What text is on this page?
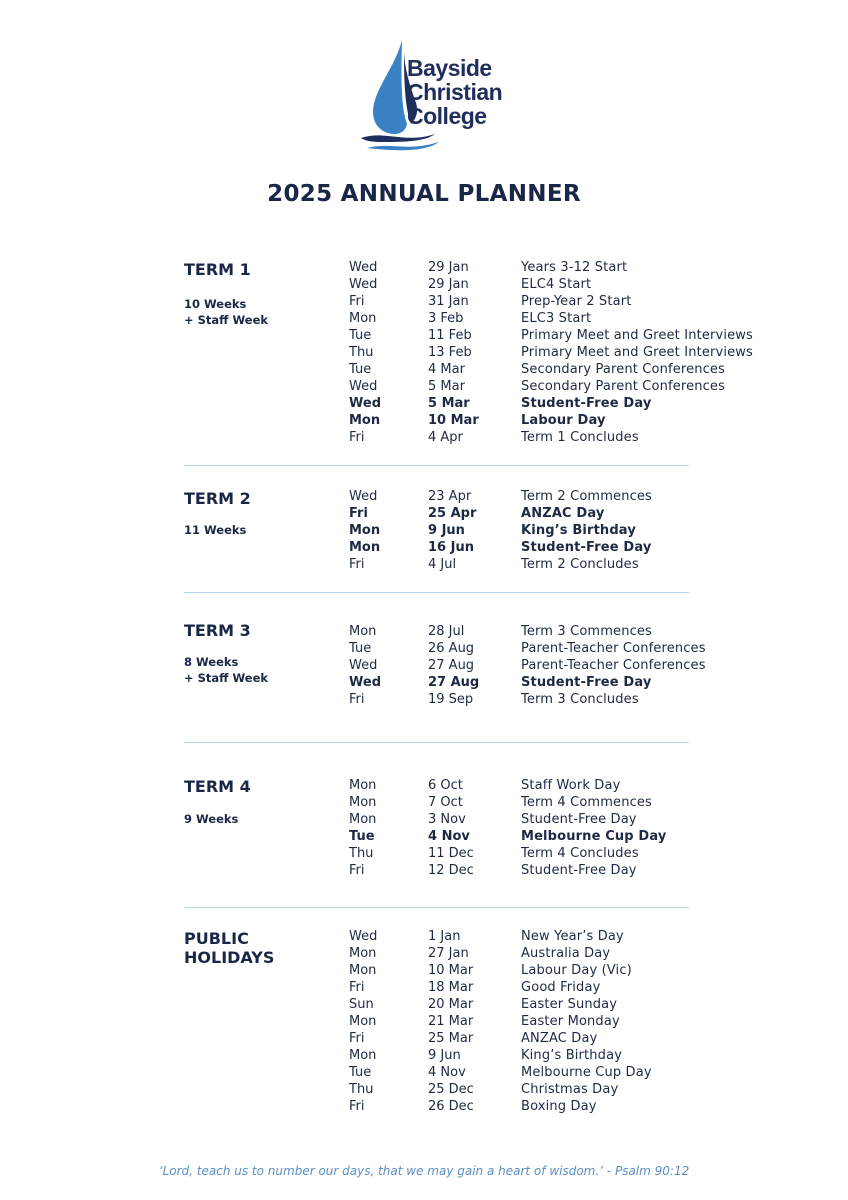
Bayside
Christian
College
2025 ANNUAL PLANNER
TERM 1
10 Weeks
+ Staff Week
Wed	29 Jan	Years 3-12 Start
Wed	29 Jan	ELC4 Start
Fri	31 Jan	Prep-Year 2 Start
Mon	3 Feb	ELC3 Start
Tue	11 Feb	Primary Meet and Greet Interviews
Thu	13 Feb	Primary Meet and Greet Interviews
Tue	4 Mar	Secondary Parent Conferences
Wed	5 Mar	Secondary Parent Conferences
Wed	5 Mar	Student-Free Day
Mon	10 Mar	Labour Day
Fri	4 Apr	Term 1 Concludes
TERM 2
11 Weeks
Wed	23 Apr	Term 2 Commences
Fri	25 Apr	ANZAC Day
Mon	9 Jun	King’s Birthday
Mon	16 Jun	Student-Free Day
Fri	4 Jul	Term 2 Concludes
TERM 3
8 Weeks
+ Staff Week
Mon	28 Jul	Term 3 Commences
Tue	26 Aug	Parent-Teacher Conferences
Wed	27 Aug	Parent-Teacher Conferences
Wed	27 Aug	Student-Free Day
Fri	19 Sep	Term 3 Concludes
TERM 4
9 Weeks
Mon	6 Oct	Staff Work Day
Mon	7 Oct	Term 4 Commences
Mon	3 Nov	Student-Free Day
Tue	4 Nov	Melbourne Cup Day
Thu	11 Dec	Term 4 Concludes
Fri	12 Dec	Student-Free Day
PUBLIC
HOLIDAYS
Wed	1 Jan	New Year’s Day
Mon	27 Jan	Australia Day
Mon	10 Mar	Labour Day (Vic)
Fri	18 Mar	Good Friday
Sun	20 Mar	Easter Sunday
Mon	21 Mar	Easter Monday
Fri	25 Mar	ANZAC Day
Mon	9 Jun	King’s Birthday
Tue	4 Nov	Melbourne Cup Day
Thu	25 Dec	Christmas Day
Fri	26 Dec	Boxing Day
‘Lord, teach us to number our days, that we may gain a heart of wisdom.’ - Psalm 90:12
